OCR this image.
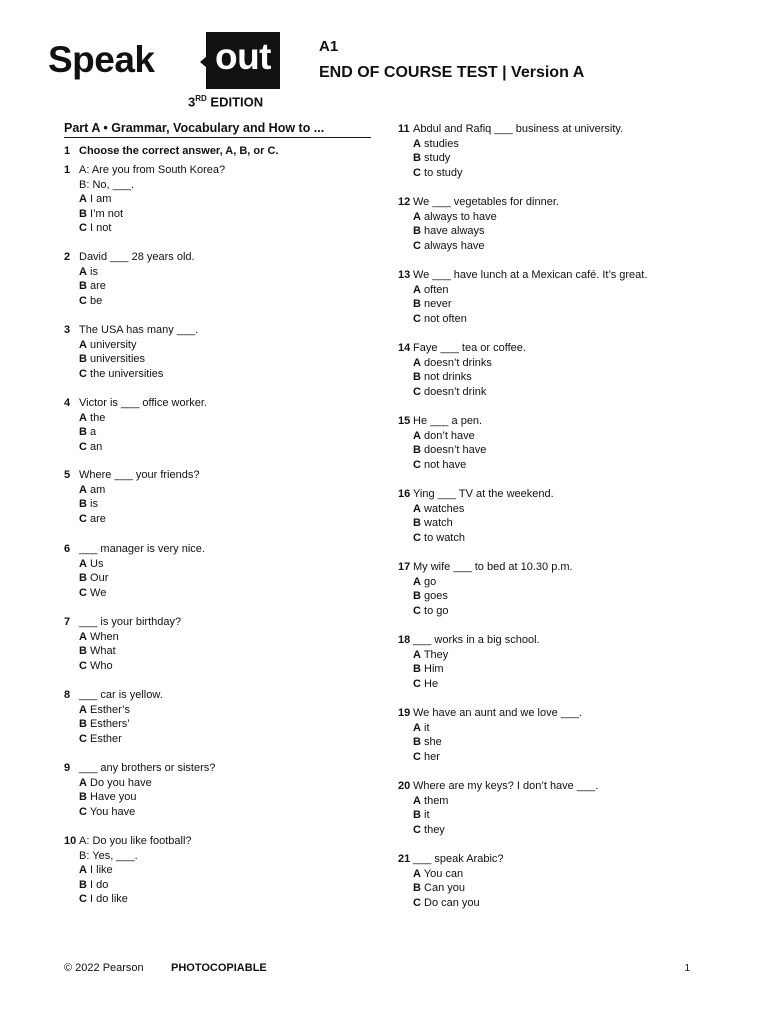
Speak out
3RD EDITION
A1
END OF COURSE TEST | Version A
Part A • Grammar, Vocabulary and How to ...
1 Choose the correct answer, A, B, or C.
1 A: Are you from South Korea?
B: No, ___.
A I am
B I’m not
C I not
2 David ___ 28 years old.
A is
B are
C be
3 The USA has many ___.
A university
B universities
C the universities
4 Victor is ___ office worker.
A the
B a
C an
5 Where ___ your friends?
A am
B is
C are
6 ___ manager is very nice.
A Us
B Our
C We
7 ___ is your birthday?
A When
B What
C Who
8 ___ car is yellow.
A Esther’s
B Esthers’
C Esther
9 ___ any brothers or sisters?
A Do you have
B Have you
C You have
10 A: Do you like football?
B: Yes, ___.
A I like
B I do
C I do like
11 Abdul and Rafiq ___ business at university.
A studies
B study
C to study
12 We ___ vegetables for dinner.
A always to have
B have always
C always have
13 We ___ have lunch at a Mexican café. It’s great.
A often
B never
C not often
14 Faye ___ tea or coffee.
A doesn’t drinks
B not drinks
C doesn’t drink
15 He ___ a pen.
A don’t have
B doesn’t have
C not have
16 Ying ___ TV at the weekend.
A watches
B watch
C to watch
17 My wife ___ to bed at 10.30 p.m.
A go
B goes
C to go
18 ___ works in a big school.
A They
B Him
C He
19 We have an aunt and we love ___.
A it
B she
C her
20 Where are my keys? I don’t have ___.
A them
B it
C they
21 ___ speak Arabic?
A You can
B Can you
C Do can you
© 2022 Pearson PHOTOCOPIABLE	1
